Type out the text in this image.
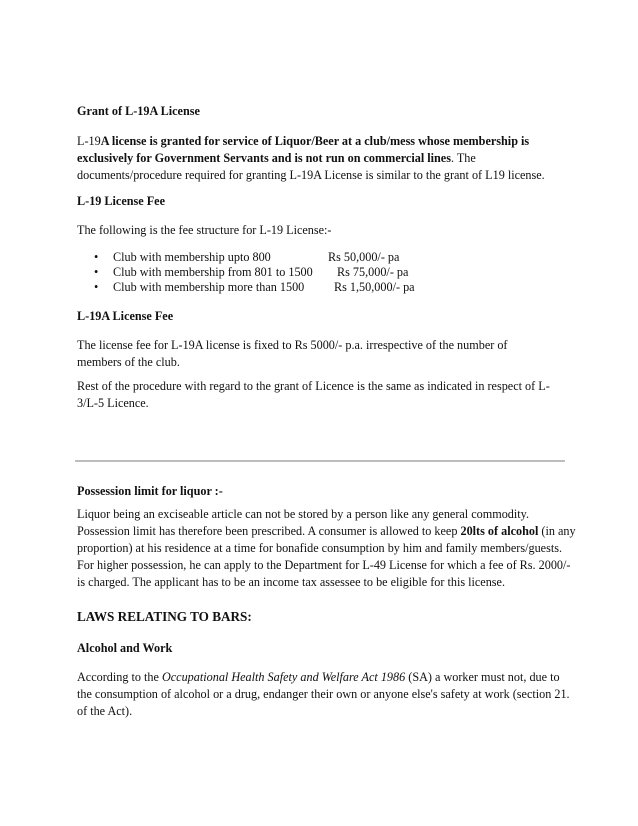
Grant of L-19A License

L-19A license is granted for service of Liquor/Beer at a club/mess whose membership is exclusively for Government Servants and is not run on commercial lines. The documents/procedure required for granting L-19A License is similar to the grant of L19 license.

L-19 License Fee

The following is the fee structure for L-19 License:-

• Club with membership upto 800	Rs 50,000/- pa
• Club with membership from 801 to 1500 Rs 75,000/- pa
• Club with membership more than 1500 Rs 1,50,000/- pa
L-19A License Fee

The license fee for L-19A license is fixed to Rs 5000/- p.a. irrespective of the number of members of the club.

Rest of the procedure with regard to the grant of Licence is the same as indicated in respect of L-3/L-5 Licence.

Possession limit for liquor :-

Liquor being an exciseable article can not be stored by a person like any general commodity. Possession limit has therefore been prescribed. A consumer is allowed to keep 20lts of alcohol (in any proportion) at his residence at a time for bonafide consumption by him and family members/guests. For higher possession, he can apply to the Department for L-49 License for which a fee of Rs. 2000/- is charged. The applicant has to be an income tax assessee to be eligible for this license.

LAWS RELATING TO BARS:
Alcohol and Work

According to the Occupational Health Safety and Welfare Act 1986 (SA) a worker must not, due to the consumption of alcohol or a drug, endanger their own or anyone else's safety at work (section 21. of the Act).
